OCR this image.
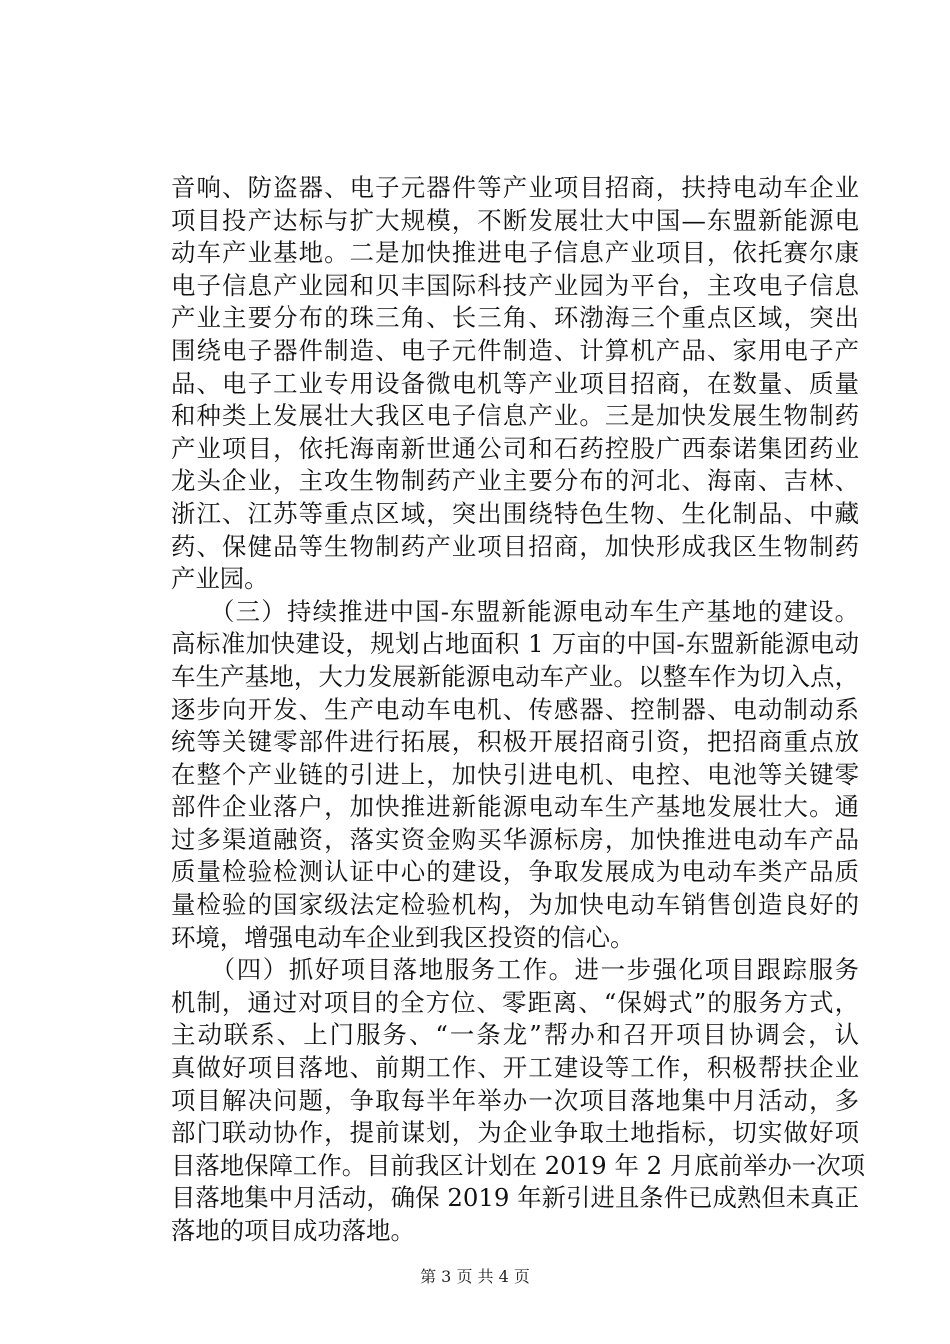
音响、防盗器、电子元器件等产业项目招商，扶持电动车企业
项目投产达标与扩大规模，不断发展壮大中国—东盟新能源电
动车产业基地。二是加快推进电子信息产业项目，依托赛尔康
电子信息产业园和贝丰国际科技产业园为平台，主攻电子信息
产业主要分布的珠三角、长三角、环渤海三个重点区域，突出
围绕电子器件制造、电子元件制造、计算机产品、家用电子产
品、电子工业专用设备微电机等产业项目招商，在数量、质量
和种类上发展壮大我区电子信息产业。三是加快发展生物制药
产业项目，依托海南新世通公司和石药控股广西泰诺集团药业
龙头企业，主攻生物制药产业主要分布的河北、海南、吉林、
浙江、江苏等重点区域，突出围绕特色生物、生化制品、中藏
药、保健品等生物制药产业项目招商，加快形成我区生物制药
产业园。
　　（三）持续推进中国-东盟新能源电动车生产基地的建设。
高标准加快建设，规划占地面积 1 万亩的中国-东盟新能源电动
车生产基地，大力发展新能源电动车产业。以整车作为切入点，
逐步向开发、生产电动车电机、传感器、控制器、电动制动系
统等关键零部件进行拓展，积极开展招商引资，把招商重点放
在整个产业链的引进上，加快引进电机、电控、电池等关键零
部件企业落户，加快推进新能源电动车生产基地发展壮大。通
过多渠道融资，落实资金购买华源标房，加快推进电动车产品
质量检验检测认证中心的建设，争取发展成为电动车类产品质
量检验的国家级法定检验机构，为加快电动车销售创造良好的
环境，增强电动车企业到我区投资的信心。
　　（四）抓好项目落地服务工作。进一步强化项目跟踪服务
机制，通过对项目的全方位、零距离、“保姆式”的服务方式，
主动联系、上门服务、“一条龙”帮办和召开项目协调会，认
真做好项目落地、前期工作、开工建设等工作，积极帮扶企业
项目解决问题，争取每半年举办一次项目落地集中月活动，多
部门联动协作，提前谋划，为企业争取土地指标，切实做好项
目落地保障工作。目前我区计划在 2019 年 2 月底前举办一次项
目落地集中月活动，确保 2019 年新引进且条件已成熟但未真正
落地的项目成功落地。
第 3 页 共 4 页
